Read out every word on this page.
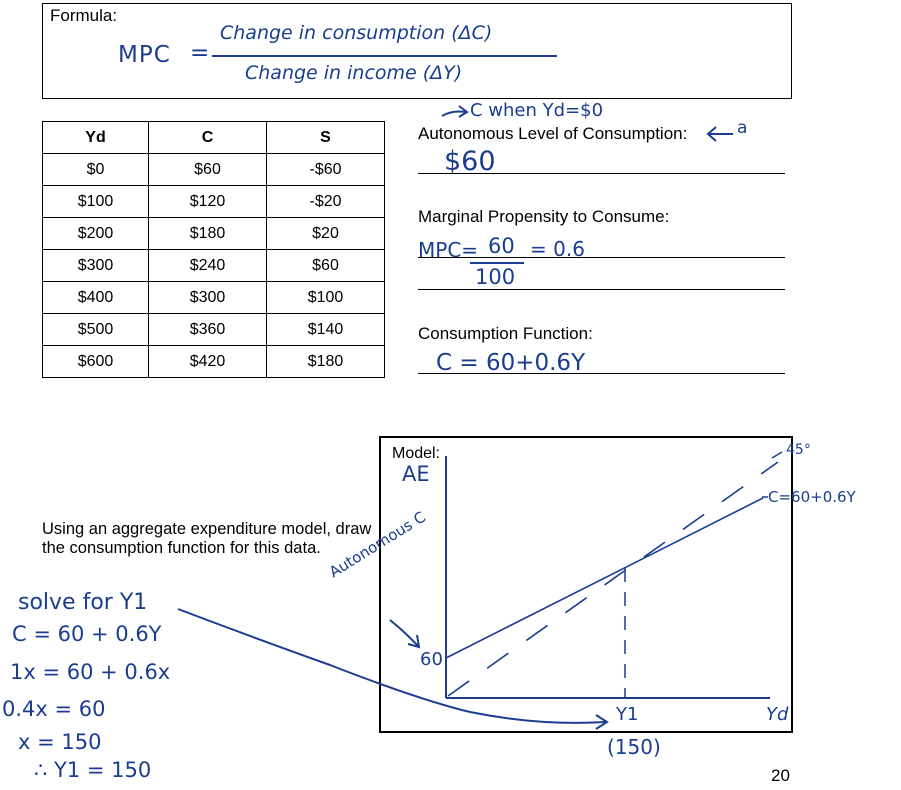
Formula:
MPC =
Change in consumption (ΔC)
Change in income (ΔY)
Yd	C	S
$0	$60	-$60
$100	$120	-$20
$200	$180	$20
$300	$240	$60
$400	$300	$100
$500	$360	$140
$600	$420	$180
C when Yd=$0
Autonomous Level of Consumption:	a
$60
Marginal Propensity to Consume:
MPC= 60
100
= 0.6
Consumption Function:
C = 60+0.6Y
Using an aggregate expenditure model, draw the consumption function for this data.
Model:
AE
Yd
60
45°
C=60+0.6Y
Autonomous C
Y1
(150)
solve for Y1
C = 60 + 0.6Y
1x = 60 + 0.6x
0.4x = 60
x = 150
∴ Y1 = 150	20
